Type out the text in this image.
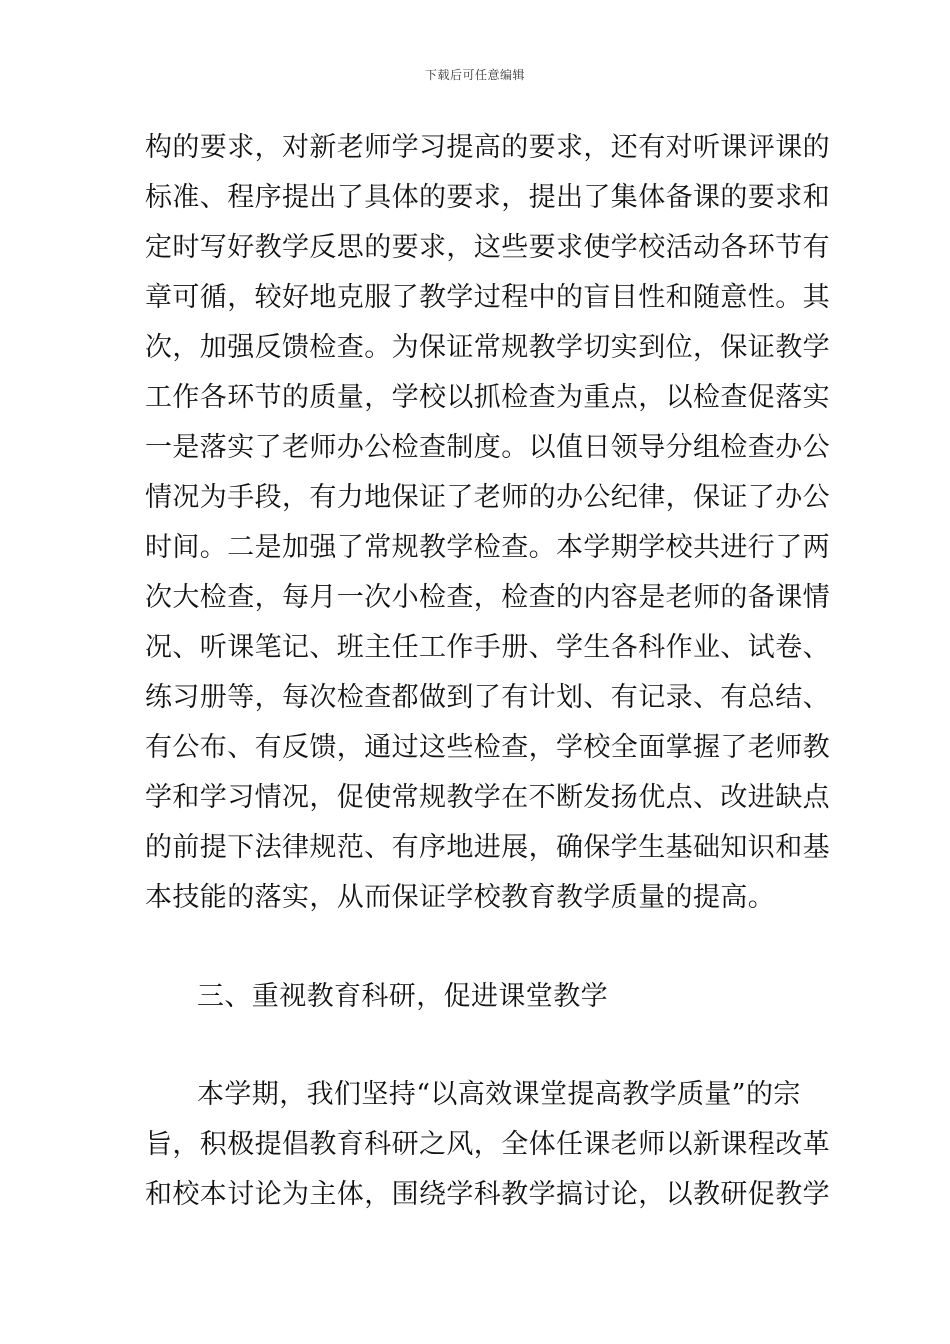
下载后可任意编辑
构的要求，对新老师学习提高的要求，还有对听课评课的
标准、程序提出了具体的要求，提出了集体备课的要求和
定时写好教学反思的要求，这些要求使学校活动各环节有
章可循，较好地克服了教学过程中的盲目性和随意性。其
次，加强反馈检查。为保证常规教学切实到位，保证教学
工作各环节的质量，学校以抓检查为重点，以检查促落实
一是落实了老师办公检查制度。以值日领导分组检查办公
情况为手段，有力地保证了老师的办公纪律，保证了办公
时间。二是加强了常规教学检查。本学期学校共进行了两
次大检查，每月一次小检查，检查的内容是老师的备课情
况、听课笔记、班主任工作手册、学生各科作业、试卷、
练习册等，每次检查都做到了有计划、有记录、有总结、
有公布、有反馈，通过这些检查，学校全面掌握了老师教
学和学习情况，促使常规教学在不断发扬优点、改进缺点
的前提下法律规范、有序地进展，确保学生基础知识和基
本技能的落实，从而保证学校教育教学质量的提高。
三、重视教育科研，促进课堂教学
本学期，我们坚持“以高效课堂提高教学质量”的宗
旨，积极提倡教育科研之风，全体任课老师以新课程改革
和校本讨论为主体，围绕学科教学搞讨论，以教研促教学
